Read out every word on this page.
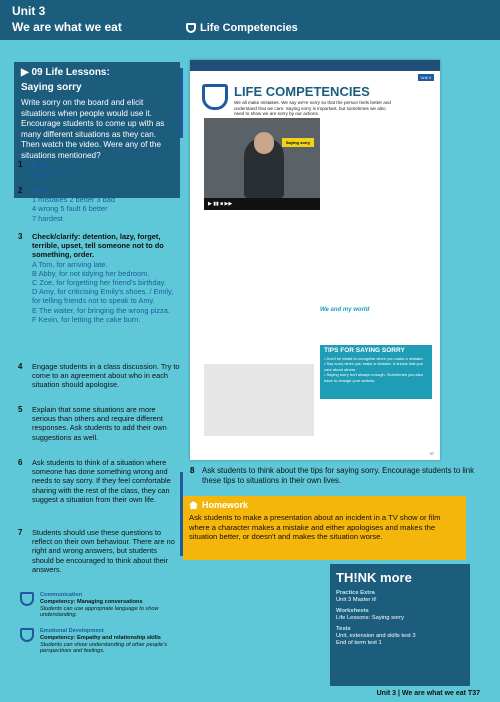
Unit 3
We are what we eat	Life Competencies
▶ 09 Life Lessons:
Saying sorry
Write sorry on the board and elicit situations when people would use it. Encourage students to come up with as many different situations as they can. Then watch the video. Were any of the situations mentioned?
1 ▶ 09
Ben & Kate
2 ▶ 09
1 mistakes 2 better 3 bad
4 wrong 5 fault 6 better
7 hardest
3 Check/clarify: detention, lazy, forget, terrible, upset, tell someone not to do something, order.
A Tom, for arriving late.
B Abby, for not tidying her bedroom.
C Zoe, for forgetting her friend's birthday.
D Amy, for criticising Emily's shoes. / Emily, for telling friends not to speak to Amy.
E The waiter, for bringing the wrong pizza.
F Kevin, for letting the cake burn.
4 Engage students in a class discussion. Try to come to an agreement about who in each situation should apologise.
5 Explain that some situations are more serious than others and require different responses. Ask students to add their own suggestions as well.
6 Ask students to think of a situation where someone has done something wrong and needs to say sorry. If they feel comfortable sharing with the rest of the class, they can suggest a situation from their own life.
7 Students should use these questions to reflect on their own behaviour. There are no right and wrong answers, but students should be encouraged to think about their answers.
Communication
Competency: Managing conversations
Students can use appropriate language to show understanding.
Emotional Development
Competency: Empathy and relationship skills
Students can show understanding of other people's perspectives and feelings.
Unit 3
LIFE COMPETENCIES
We all make mistakes. We say we're sorry so that the person feels better and understand that we care. Saying sorry is important, but sometimes we also need to show we are sorry by our actions.
Saying sorry
▶ ▮▮ ■ ▶▶
We and my world
TIPS FOR SAYING SORRY
• Don't be afraid to recognise when you make a mistake.
• Say sorry when you make a mistake. It shows that you care about others.
• Saying sorry isn't always enough. Sometimes you also have to change your actions.
37
8 Ask students to think about the tips for saying sorry. Encourage students to link these tips to situations in their own lives.
Homework
Ask students to make a presentation about an incident in a TV show or film where a character makes a mistake and either apologises and makes the situation better, or doesn't and makes the situation worse.
TH!NK more
Practice Extra
Unit 3 Master it!
Worksheets
Life Lessons: Saying sorry
Tests
Unit, extension and skills test 3
End of term test 1
Unit 3 | We are what we eat T37
